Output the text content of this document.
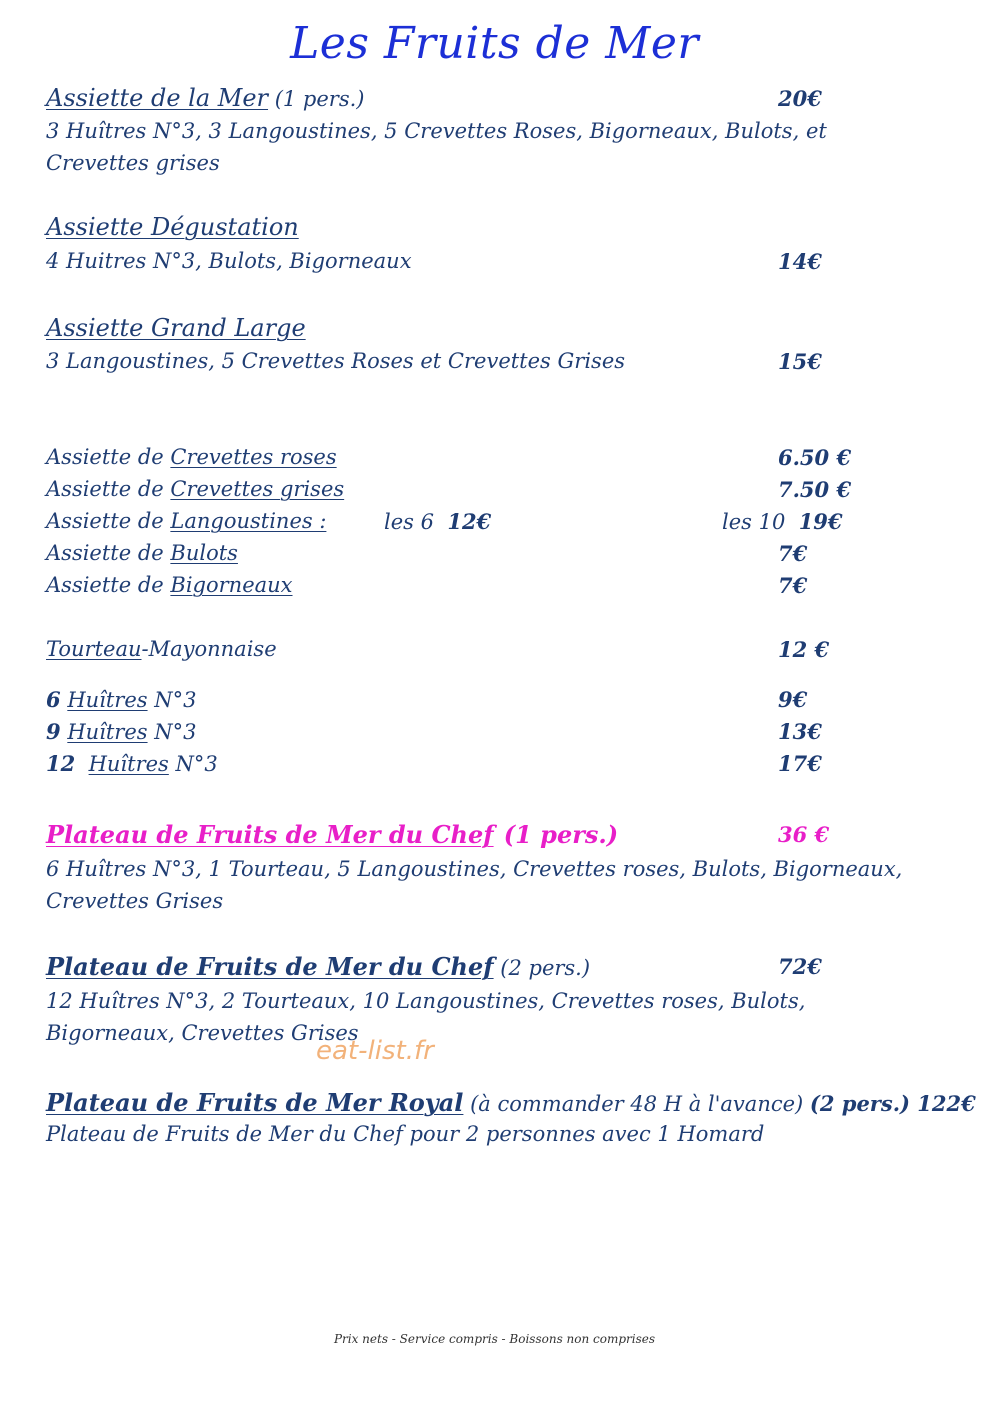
Les Fruits de Mer
Assiette de la Mer (1 pers.)	20€
3 Huîtres N°3, 3 Langoustines, 5 Crevettes Roses, Bigorneaux, Bulots, et Crevettes grises
Assiette Dégustation
4 Huitres N°3, Bulots, Bigorneaux	14€
Assiette Grand Large
3 Langoustines, 5 Crevettes Roses et Crevettes Grises	15€
Assiette de Crevettes roses	6.50 €
Assiette de Crevettes grises	7.50 €
Assiette de Langoustines :	les 6 12€	les 10 19€
Assiette de Bulots	7€
Assiette de Bigorneaux	7€
Tourteau-Mayonnaise	12 €
6 Huîtres N°3	9€
9 Huîtres N°3	13€
12 Huîtres N°3	17€
Plateau de Fruits de Mer du Chef (1 pers.)	36 €
6 Huîtres N°3, 1 Tourteau, 5 Langoustines, Crevettes roses, Bulots, Bigorneaux, Crevettes Grises
Plateau de Fruits de Mer du Chef (2 pers.)	72€
12 Huîtres N°3, 2 Tourteaux, 10 Langoustines, Crevettes roses, Bulots, Bigorneaux, Crevettes Grises
eat-list.fr
Plateau de Fruits de Mer Royal (à commander 48 H à l'avance) (2 pers.) 122€
Plateau de Fruits de Mer du Chef pour 2 personnes avec 1 Homard
Prix nets - Service compris - Boissons non comprises
